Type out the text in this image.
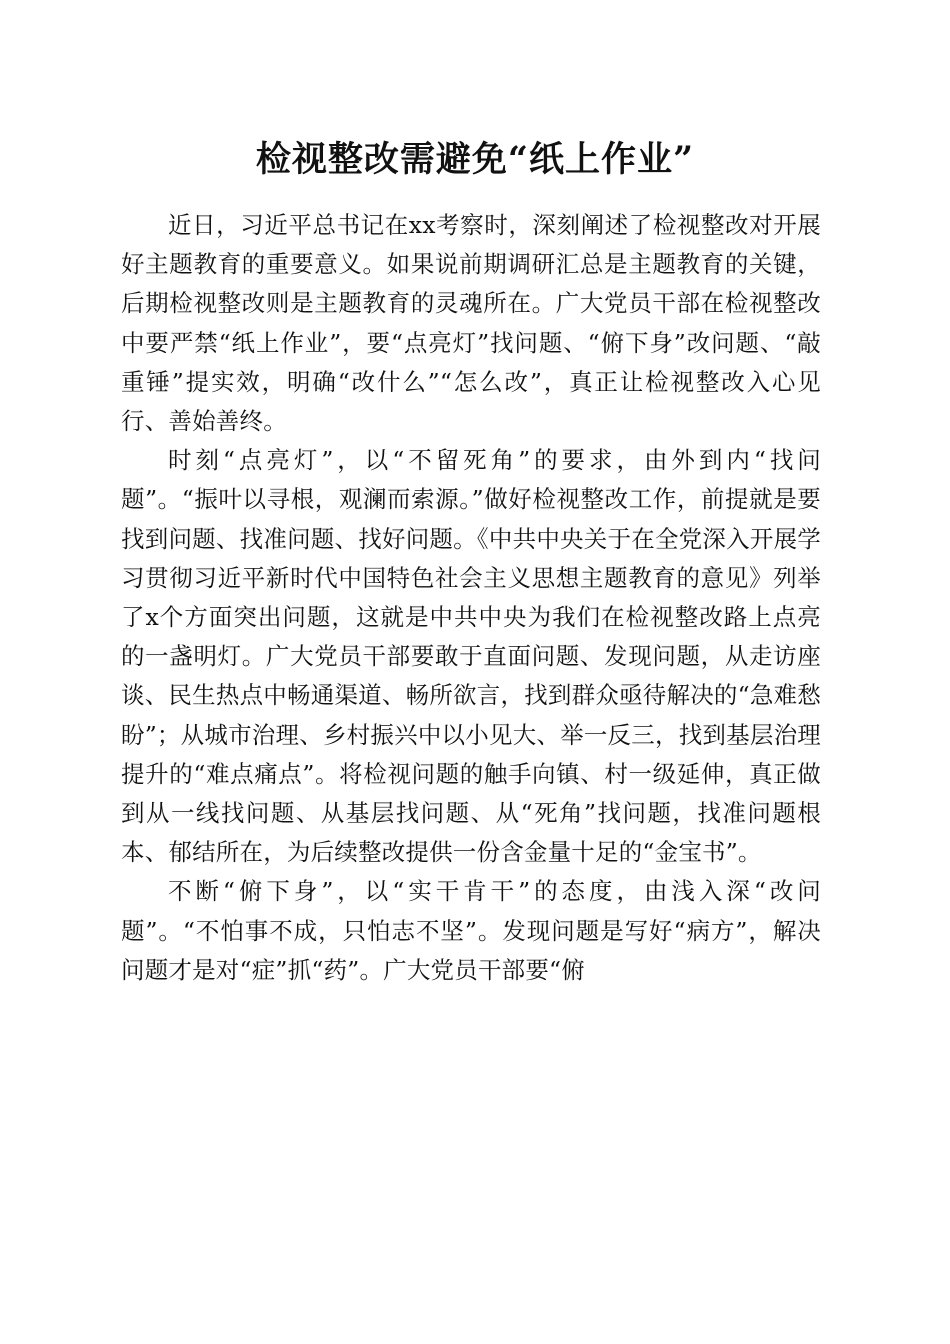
检视整改需避免“纸上作业”

近日，习近平总书记在xx考察时，深刻阐述了检视整改对开展好主题教育的重要意义。如果说前期调研汇总是主题教育的关键，后期检视整改则是主题教育的灵魂所在。广大党员干部在检视整改中要严禁“纸上作业”，要“点亮灯”找问题、“俯下身”改问题、“敲重锤”提实效，明确“改什么”“怎么改”，真正让检视整改入心见行、善始善终。

时刻“点亮灯”，以“不留死角”的要求，由外到内“找问题”。“振叶以寻根，观澜而索源。”做好检视整改工作，前提就是要找到问题、找准问题、找好问题。《中共中央关于在全党深入开展学习贯彻习近平新时代中国特色社会主义思想主题教育的意见》列举了x个方面突出问题，这就是中共中央为我们在检视整改路上点亮的一盏明灯。广大党员干部要敢于直面问题、发现问题，从走访座谈、民生热点中畅通渠道、畅所欲言，找到群众亟待解决的“急难愁盼”；从城市治理、乡村振兴中以小见大、举一反三，找到基层治理提升的“难点痛点”。将检视问题的触手向镇、村一级延伸，真正做到从一线找问题、从基层找问题、从“死角”找问题，找准问题根本、郁结所在，为后续整改提供一份含金量十足的“金宝书”。

不断“俯下身”，以“实干肯干”的态度，由浅入深“改问题”。“不怕事不成，只怕志不坚”。发现问题是写好“病方”，解决问题才是对“症”抓“药”。广大党员干部要“俯
